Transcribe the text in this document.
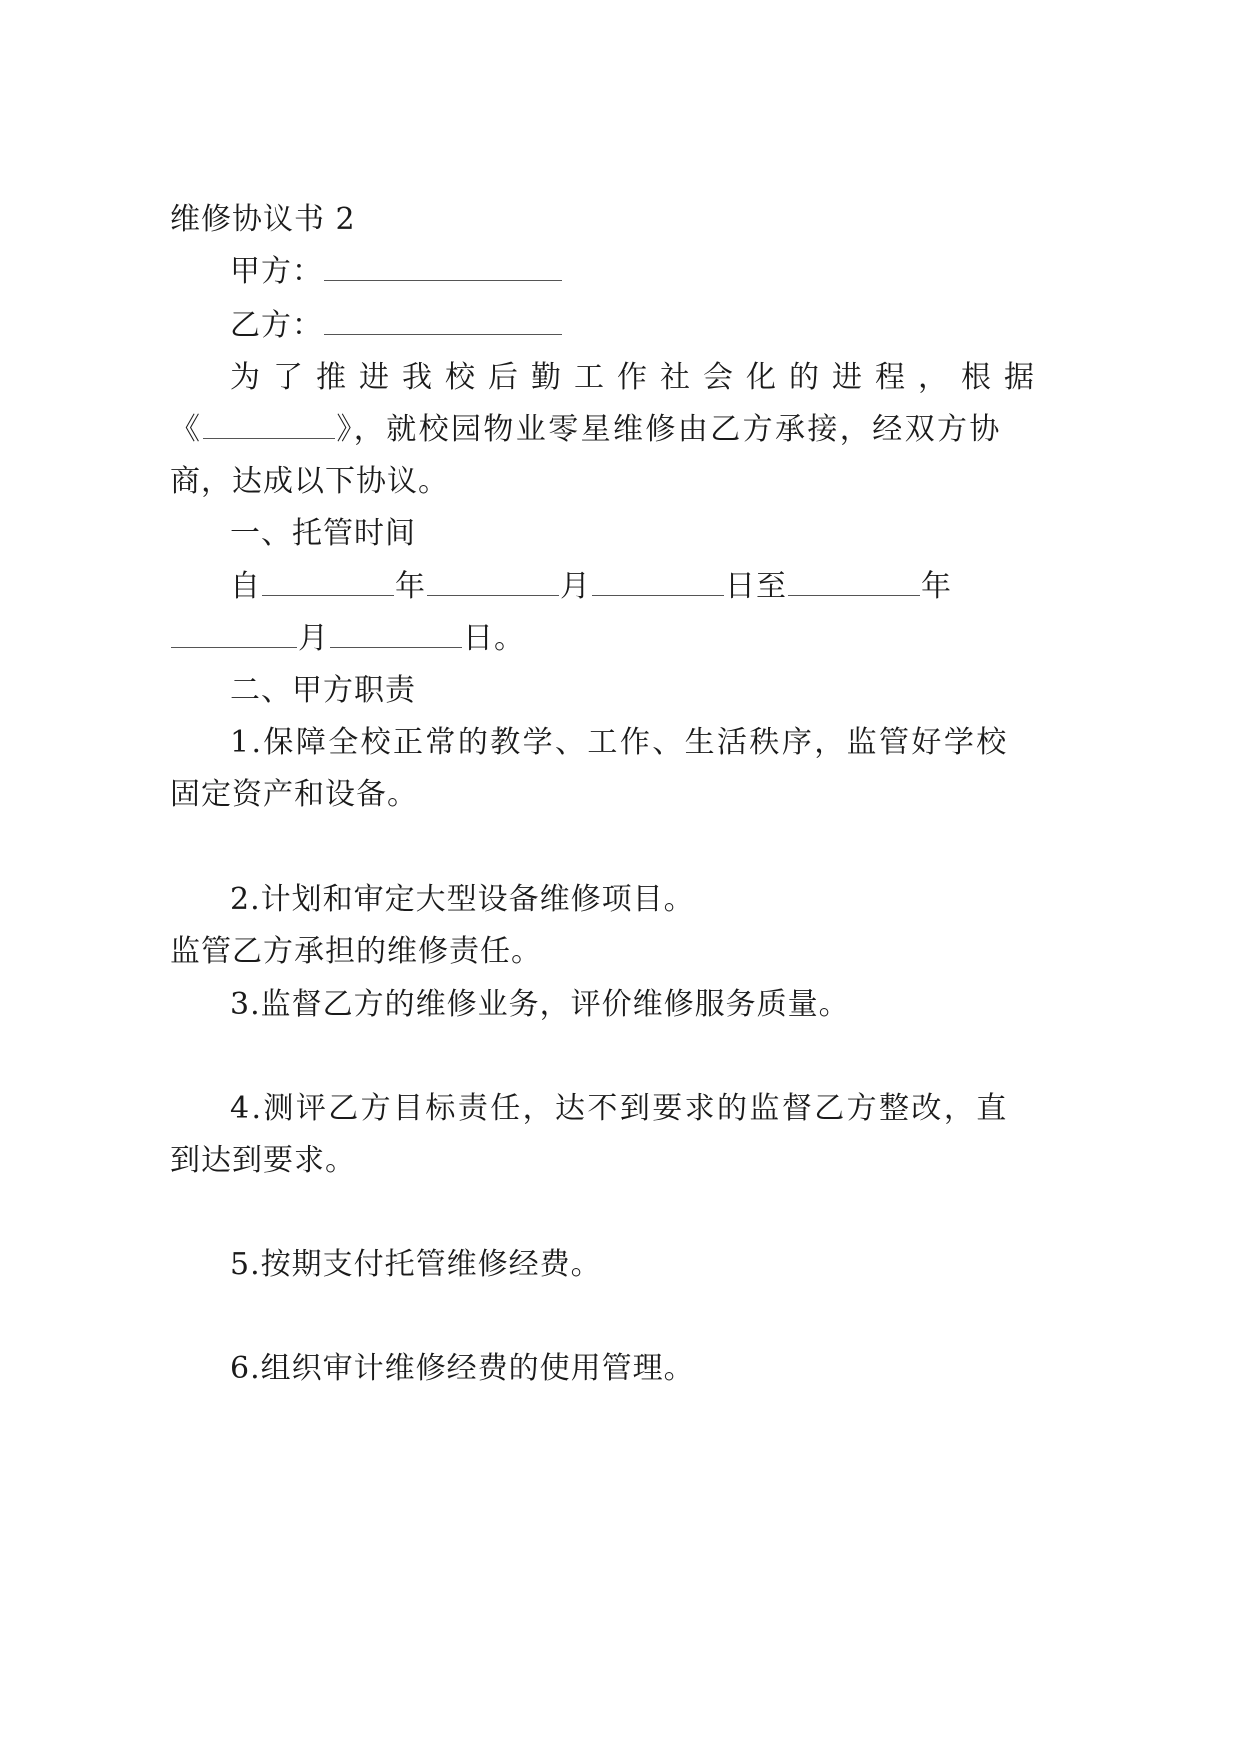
维修协议书 2
甲方：
乙方：
为了推进我校后勤工作社会化的进程，根据
《	》，就校园物业零星维修由乙方承接，经双方协
商，达成以下协议。
一、托管时间
自	年	月	日至	年
月	日。
二、甲方职责
1.保障全校正常的教学、工作、生活秩序，监管好学校
固定资产和设备。
2.计划和审定大型设备维修项目。
监管乙方承担的维修责任。
3.监督乙方的维修业务，评价维修服务质量。
4.测评乙方目标责任，达不到要求的监督乙方整改，直
到达到要求。
5.按期支付托管维修经费。
6.组织审计维修经费的使用管理。
